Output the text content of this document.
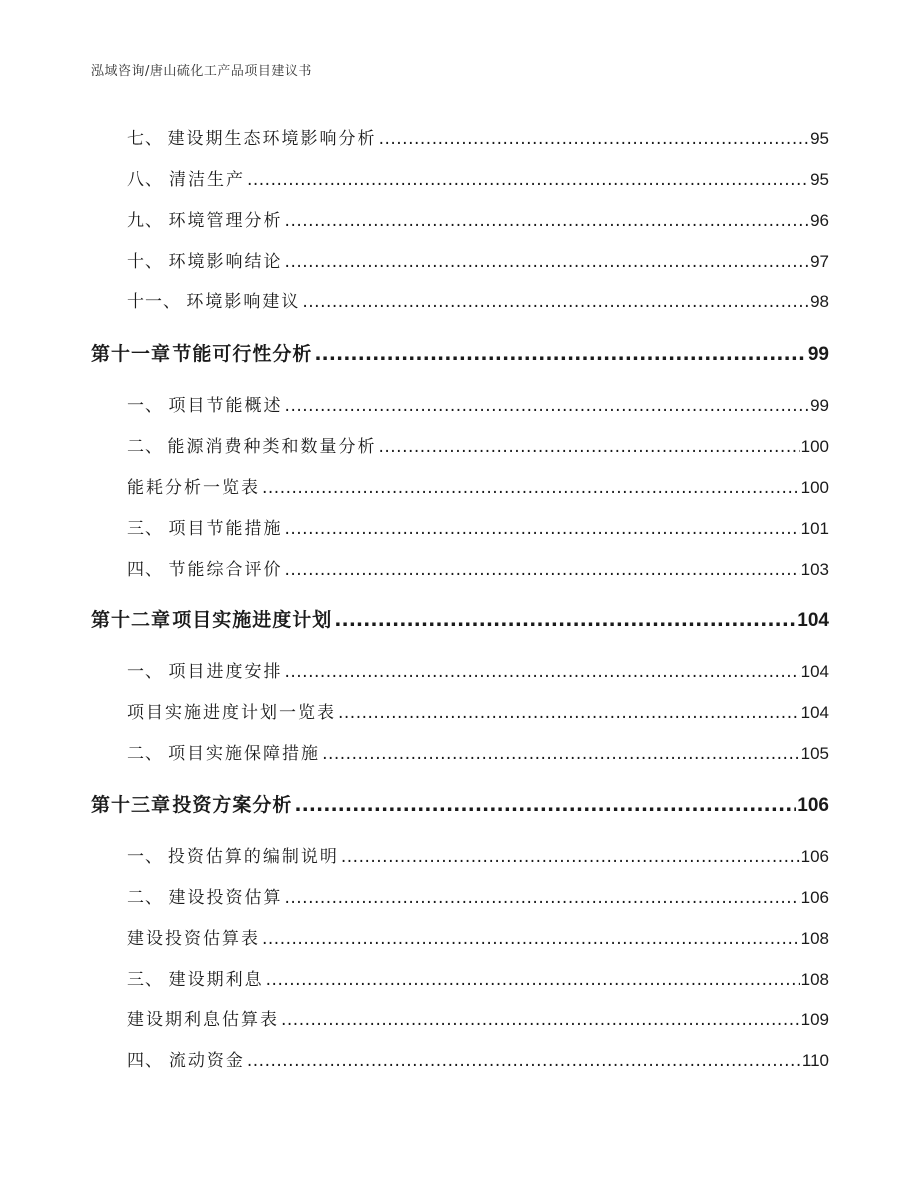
泓域咨询/唐山硫化工产品项目建议书
七、 建设期生态环境影响分析 .....	95
八、 清洁生产 .....	95
九、 环境管理分析 .....	96
十、 环境影响结论 .....	97
十一、 环境影响建议 .....	98
第十一章 节能可行性分析 .....	99
一、 项目节能概述 .....	99
二、 能源消费种类和数量分析 .....	100
能耗分析一览表 .....	100
三、 项目节能措施 .....	101
四、 节能综合评价 .....	103
第十二章 项目实施进度计划 .....	104
一、 项目进度安排 .....	104
项目实施进度计划一览表 .....	104
二、 项目实施保障措施 .....	105
第十三章 投资方案分析 .....	106
一、 投资估算的编制说明 .....	106
二、 建设投资估算 .....	106
建设投资估算表 .....	108
三、 建设期利息 .....	108
建设期利息估算表 .....	109
四、 流动资金 .....	110
